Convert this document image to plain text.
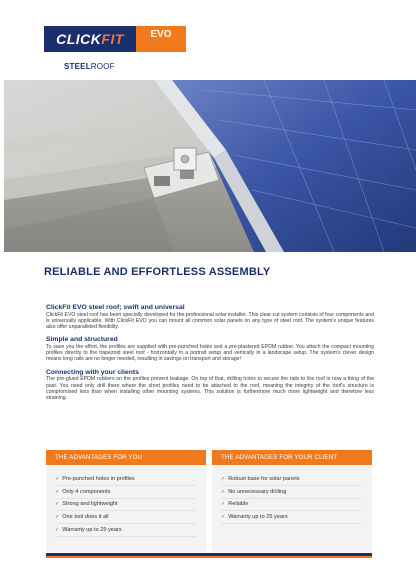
CLICK FIT	EVO
STEELROOF
RELIABLE AND EFFORTLESS ASSEMBLY
ClickFit EVO steel roof; swift and universal
ClickFit EVO steel roof has been specially developed for the professional solar installer. This clear-cut system consists of four components and is universally applicable. With ClickFit EVO you can mount all common solar panels on any type of steel roof. The system's unique features also offer unparalleled flexibility.
Simple and structured
To save you the effort, the profiles are supplied with pre-punched holes and a pre-plastered EPDM rubber. You attach the compact mounting profiles directly to the trapezoid steel roof - horizontally in a portrait setup and vertically in a landscape setup. The system's clever design means long rails are no longer needed, resulting in savings on transport and storage!
Connecting with your clients
The pre-glued EPDM rubbers on the profiles prevent leakage. On top of that, drilling holes to secure the rails to the roof is now a thing of the past. You need only drill there where the short profiles need to be attached to the roof, meaning the integrity of the roof's structure is compromised less than when installing other mounting systems. This solution is furthermore much more lightweight and therefore less straining.
THE ADVANTAGES FOR YOU
✓ Pre-punched holes in profiles
✓ Only 4 components
✓ Strong and lightweight
✓ One tool does it all
✓ Warranty up to 25 years
THE ADVANTAGES FOR YOUR CLIENT
✓ Robust base for solar panels
✓ No unnecessary drilling
✓ Reliable
✓ Warranty up to 25 years
